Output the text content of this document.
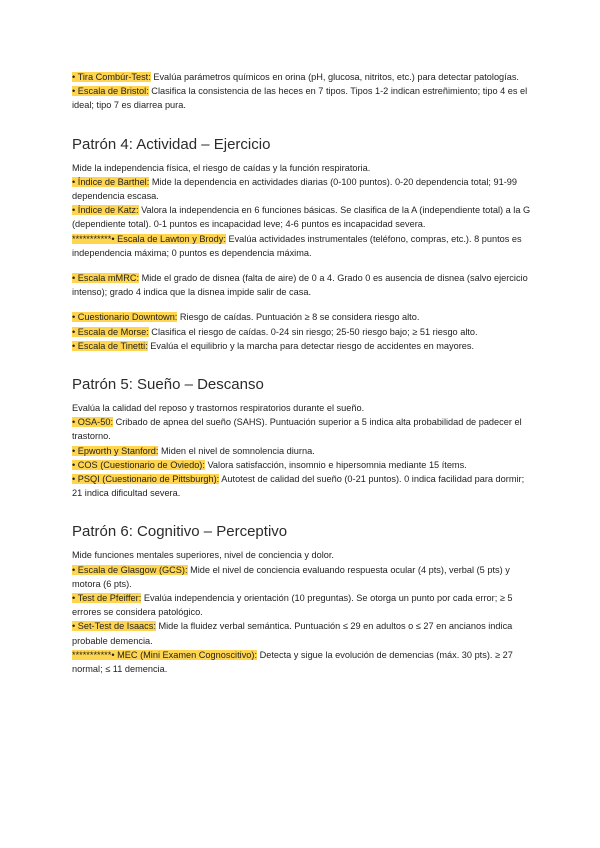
• Tira Combúr-Test: Evalúa parámetros químicos en orina (pH, glucosa, nitritos, etc.) para detectar patologías.

• Escala de Bristol: Clasifica la consistencia de las heces en 7 tipos. Tipos 1-2 indican estreñimiento; tipo 4 es el ideal; tipo 7 es diarrea pura.

Patrón 4: Actividad – Ejercicio

Mide la independencia física, el riesgo de caídas y la función respiratoria.

• Índice de Barthel: Mide la dependencia en actividades diarias (0-100 puntos). 0-20 dependencia total; 91-99 dependencia escasa.

• Índice de Katz: Valora la independencia en 6 funciones básicas. Se clasifica de la A (independiente total) a la G (dependiente total). 0-1 puntos es incapacidad leve; 4-6 puntos es incapacidad severa.

***********• Escala de Lawton y Brody: Evalúa actividades instrumentales (teléfono, compras, etc.). 8 puntos es independencia máxima; 0 puntos es dependencia máxima.

• Escala mMRC: Mide el grado de disnea (falta de aire) de 0 a 4. Grado 0 es ausencia de disnea (salvo ejercicio intenso); grado 4 indica que la disnea impide salir de casa.

• Cuestionario Downtown: Riesgo de caídas. Puntuación ≥ 8 se considera riesgo alto.

• Escala de Morse: Clasifica el riesgo de caídas. 0-24 sin riesgo; 25-50 riesgo bajo; ≥ 51 riesgo alto.

• Escala de Tinetti: Evalúa el equilibrio y la marcha para detectar riesgo de accidentes en mayores.

Patrón 5: Sueño – Descanso

Evalúa la calidad del reposo y trastornos respiratorios durante el sueño.

• OSA-50: Cribado de apnea del sueño (SAHS). Puntuación superior a 5 indica alta probabilidad de padecer el trastorno.

• Epworth y Stanford: Miden el nivel de somnolencia diurna.

• COS (Cuestionario de Oviedo): Valora satisfacción, insomnio e hipersomnia mediante 15 ítems.

• PSQI (Cuestionario de Pittsburgh): Autotest de calidad del sueño (0-21 puntos). 0 indica facilidad para dormir; 21 indica dificultad severa.

Patrón 6: Cognitivo – Perceptivo

Mide funciones mentales superiores, nivel de conciencia y dolor.

• Escala de Glasgow (GCS): Mide el nivel de conciencia evaluando respuesta ocular (4 pts), verbal (5 pts) y motora (6 pts).

• Test de Pfeiffer: Evalúa independencia y orientación (10 preguntas). Se otorga un punto por cada error; ≥ 5 errores se considera patológico.

• Set-Test de Isaacs: Mide la fluidez verbal semántica. Puntuación ≤ 29 en adultos o ≤ 27 en ancianos indica probable demencia.

***********• MEC (Mini Examen Cognoscitivo): Detecta y sigue la evolución de demencias (máx. 30 pts). ≥ 27 normal; ≤ 11 demencia.
